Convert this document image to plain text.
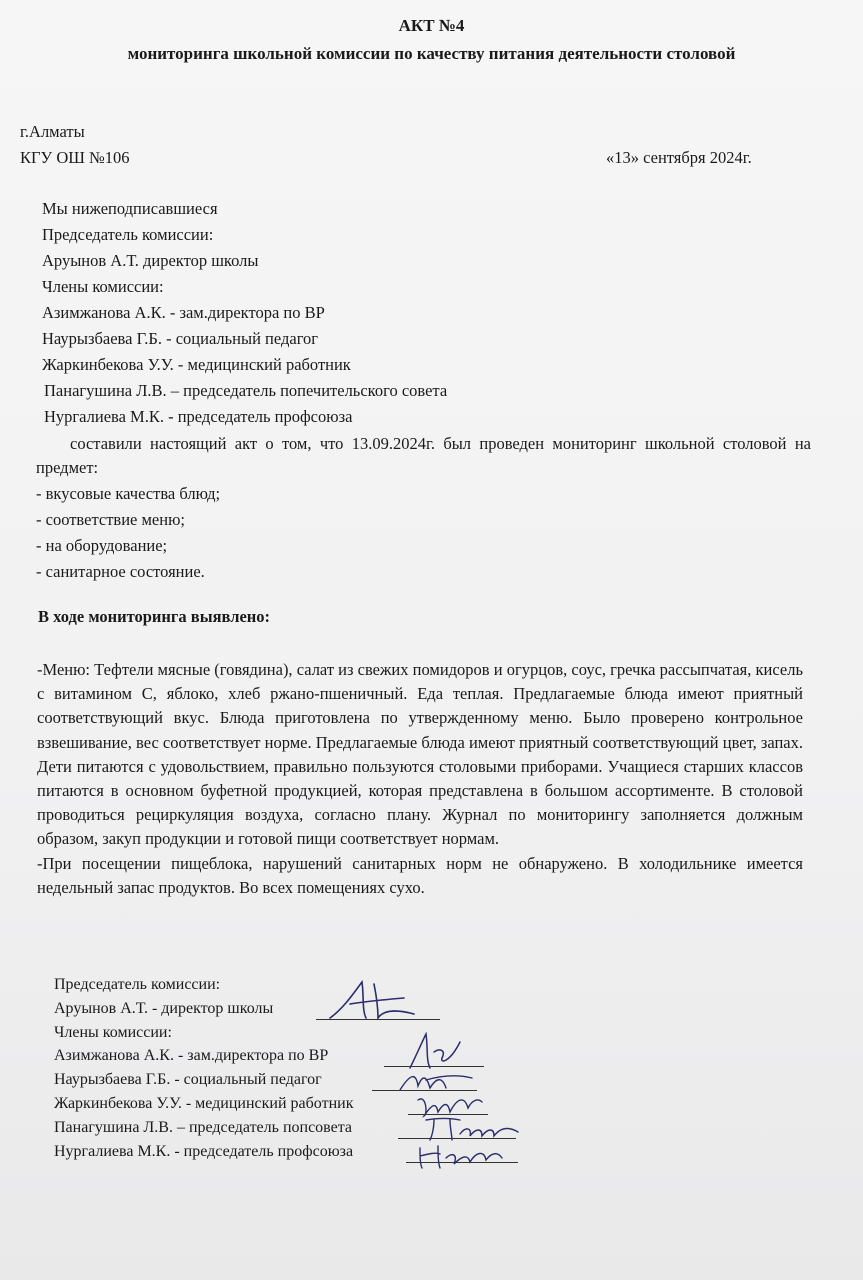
АКТ №4
мониторинга школьной комиссии по качеству питания деятельности столовой
г.Алматы
КГУ ОШ №106	«13» сентября 2024г.
Мы нижеподписавшиеся
Председатель комиссии:
Аруынов А.Т. директор школы
Члены комиссии:
Азимжанова А.К. - зам.директора по ВР
Наурызбаева Г.Б. - социальный педагог
Жаркинбекова У.У. - медицинский работник
Панагушина Л.В. – председатель попечительского совета
Нургалиева М.К. - председатель профсоюза
составили настоящий акт о том, что 13.09.2024г. был проведен мониторинг школьной столовой на предмет:
- вкусовые качества блюд;
- соответствие меню;
- на оборудование;
- санитарное состояние.
В ходе мониторинга выявлено:

-Меню: Тефтели мясные (говядина), салат из свежих помидоров и огурцов, соус, гречка рассыпчатая, кисель с витамином С, яблоко, хлеб ржано-пшеничный. Еда теплая. Предлагаемые блюда имеют приятный соответствующий вкус. Блюда приготовлена по утвержденному меню. Было проверено контрольное взвешивание, вес соответствует норме. Предлагаемые блюда имеют приятный соответствующий цвет, запах. Дети питаются с удовольствием, правильно пользуются столовыми приборами. Учащиеся старших классов питаются в основном буфетной продукцией, которая представлена в большом ассортименте. В столовой проводиться рециркуляция воздуха, согласно плану. Журнал по мониторингу заполняется должным образом, закуп продукции и готовой пищи соответствует нормам.

-При посещении пищеблока, нарушений санитарных норм не обнаружено. В холодильнике имеется недельный запас продуктов. Во всех помещениях сухо.

Председатель комиссии:
Аруынов А.Т. - директор школы
Члены комиссии:
Азимжанова А.К. - зам.директора по ВР
Наурызбаева Г.Б. - социальный педагог
Жаркинбекова У.У. - медицинский работник
Панагушина Л.В. – председатель попсовета
Нургалиева М.К. - председатель профсоюза
